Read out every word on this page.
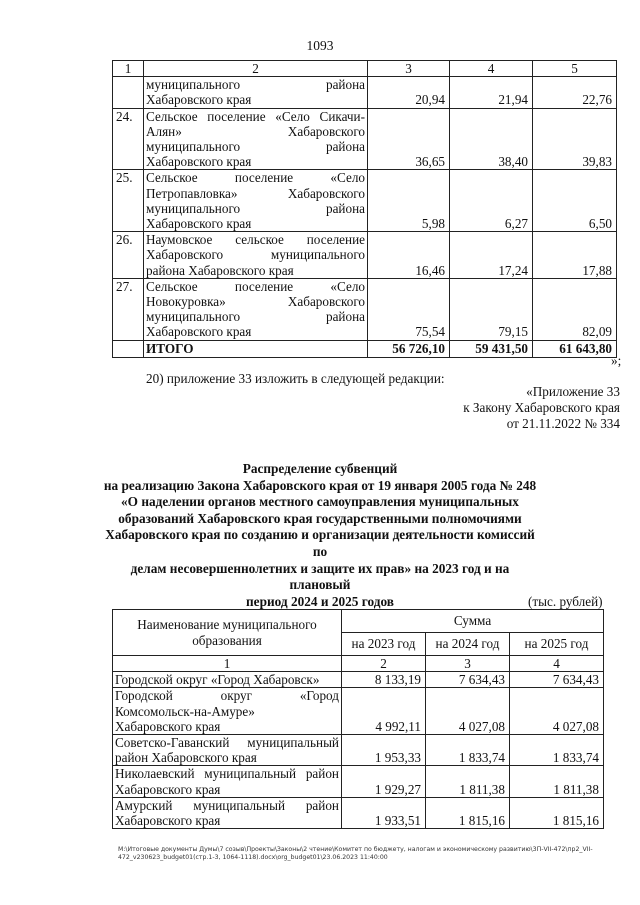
1093
1	2	3	4	5

	муниципального района
Хабаровского края	20,94	21,94	22,76
24.	Сельское поселение «Село Сикачи-
Алян» Хабаровского
муниципального района
Хабаровского края	36,65	38,40	39,83
25.	Сельское поселение «Село
Петропавловка» Хабаровского
муниципального района
Хабаровского края	5,98	6,27	6,50
26.	Наумовское сельское поселение
Хабаровского муниципального
района Хабаровского края	16,46	17,24	17,88
27.	Сельское поселение «Село
Новокуровка» Хабаровского
муниципального района
Хабаровского края	75,54	79,15	82,09
	ИТОГО	56 726,10	59 431,50	61 643,80
»;
20) приложение 33 изложить в следующей редакции:
«Приложение 33
к Закону Хабаровского края
от 21.11.2022 № 334
Распределение субвенций
на реализацию Закона Хабаровского края от 19 января 2005 года № 248
«О наделении органов местного самоуправления муниципальных
образований Хабаровского края государственными полномочиями
Хабаровского края по созданию и организации деятельности комиссий по
делам несовершеннолетних и защите их прав» на 2023 год и на плановый
период 2024 и 2025 годов	(тыс. рублей)
Наименование муниципального образования	Сумма		
	на 2023 год	на 2024 год	на 2025 год
1	2	3	4

Городской округ «Город Хабаровск»	8 133,19	7 634,43	7 634,43

Городской округ «Город
Комсомольск-на-Амуре»
Хабаровского края	4 992,11	4 027,08	4 027,08

Советско-Гаванский муниципальный
район Хабаровского края	1 953,33	1 833,74	1 833,74

Николаевский муниципальный район
Хабаровского края	1 929,27	1 811,38	1 811,38

Амурский муниципальный район
Хабаровского края	1 933,51	1 815,16	1 815,16
M:\Итоговые документы Думы\7 созыв\Проекты\Законы\2 чтение\Комитет по бюджету, налогам и экономическому развитию\3П-VII-472\пр2_VII-472_v230623_budget01(стр.1-3, 1064-1118).docx\org_budget01\23.06.2023 11:40:00
